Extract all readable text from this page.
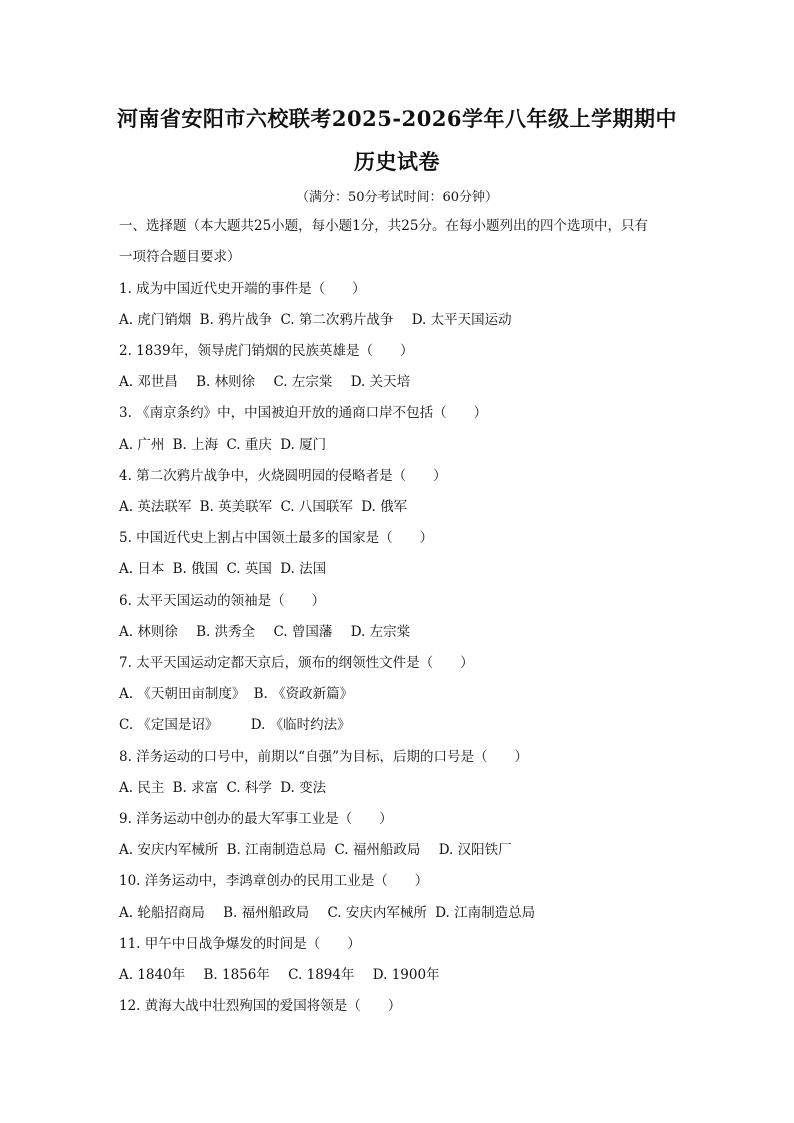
河南省安阳市六校联考2025-2026学年八年级上学期期中
历史试卷
（满分：50分考试时间：60分钟）
一、选择题（本大题共25小题，每小题1分，共25分。在每小题列出的四个选项中，只有
一项符合题目要求）
1. 成为中国近代史开端的事件是（　　）
A. 虎门销烟 B. 鸦片战争 C. 第二次鸦片战争 D. 太平天国运动
2. 1839年，领导虎门销烟的民族英雄是（　　）
A. 邓世昌 B. 林则徐 C. 左宗棠 D. 关天培
3. 《南京条约》中，中国被迫开放的通商口岸不包括（　　）
A. 广州 B. 上海 C. 重庆 D. 厦门
4. 第二次鸦片战争中，火烧圆明园的侵略者是（　　）
A. 英法联军 B. 英美联军 C. 八国联军 D. 俄军
5. 中国近代史上割占中国领土最多的国家是（　　）
A. 日本 B. 俄国 C. 英国 D. 法国
6. 太平天国运动的领袖是（　　）
A. 林则徐 B. 洪秀全 C. 曾国藩 D. 左宗棠
7. 太平天国运动定都天京后，颁布的纲领性文件是（　　）
A. 《天朝田亩制度》 B. 《资政新篇》
C. 《定国是诏》 D. 《临时约法》
8. 洋务运动的口号中，前期以“自强”为目标，后期的口号是（　　）
A. 民主 B. 求富 C. 科学 D. 变法
9. 洋务运动中创办的最大军事工业是（　　）
A. 安庆内军械所 B. 江南制造总局 C. 福州船政局 D. 汉阳铁厂
10. 洋务运动中，李鸿章创办的民用工业是（　　）
A. 轮船招商局 B. 福州船政局 C. 安庆内军械所 D. 江南制造总局
11. 甲午中日战争爆发的时间是（　　）
A. 1840年 B. 1856年 C. 1894年 D. 1900年
12. 黄海大战中壮烈殉国的爱国将领是（　　）
